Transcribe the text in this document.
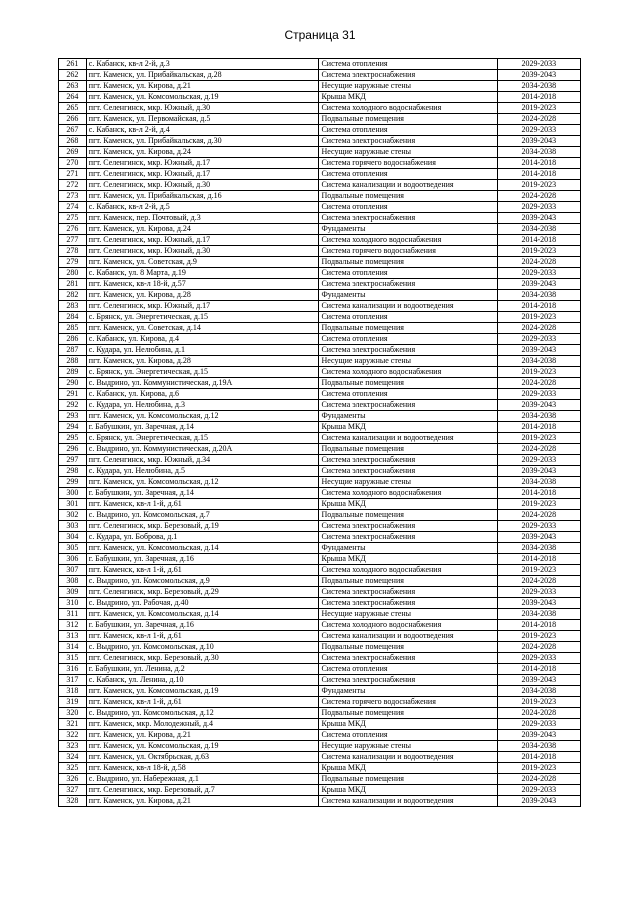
Страница 31
261	с. Кабанск, кв-л 2-й, д.3	Система отопления	2029-2033
262	пгт. Каменск, ул. Прибайкальская, д.28	Система электроснабжения	2039-2043
263	пгт. Каменск, ул. Кирова, д.21	Несущие наружные стены	2034-2038
264	пгт. Каменск, ул. Комсомольская, д.19	Крыша МКД	2014-2018
265	пгт. Селенгинск, мкр. Южный, д.30	Система холодного водоснабжения	2019-2023
266	пгт. Каменск, ул. Первомайская, д.5	Подвальные помещения	2024-2028
267	с. Кабанск, кв-л 2-й, д.4	Система отопления	2029-2033
268	пгт. Каменск, ул. Прибайкальская, д.30	Система электроснабжения	2039-2043
269	пгт. Каменск, ул. Кирова, д.24	Несущие наружные стены	2034-2038
270	пгт. Селенгинск, мкр. Южный, д.17	Система горячего водоснабжения	2014-2018
271	пгт. Селенгинск, мкр. Южный, д.17	Система отопления	2014-2018
272	пгт. Селенгинск, мкр. Южный, д.30	Система канализации и водоотведения	2019-2023
273	пгт. Каменск, ул. Прибайкальская, д.16	Подвальные помещения	2024-2028
274	с. Кабанск, кв-л 2-й, д.5	Система отопления	2029-2033
275	пгт. Каменск, пер. Почтовый, д.3	Система электроснабжения	2039-2043
276	пгт. Каменск, ул. Кирова, д.24	Фундаменты	2034-2038
277	пгт. Селенгинск, мкр. Южный, д.17	Система холодного водоснабжения	2014-2018
278	пгт. Селенгинск, мкр. Южный, д.30	Система горячего водоснабжения	2019-2023
279	пгт. Каменск, ул. Советская, д.9	Подвальные помещения	2024-2028
280	с. Кабанск, ул. 8 Марта, д.19	Система отопления	2029-2033
281	пгт. Каменск, кв-л 18-й, д.57	Система электроснабжения	2039-2043
282	пгт. Каменск, ул. Кирова, д.28	Фундаменты	2034-2038
283	пгт. Селенгинск, мкр. Южный, д.17	Система канализации и водоотведения	2014-2018
284	с. Брянск, ул. Энергетическая, д.15	Система отопления	2019-2023
285	пгт. Каменск, ул. Советская, д.14	Подвальные помещения	2024-2028
286	с. Кабанск, ул. Кирова, д.4	Система отопления	2029-2033
287	с. Кудара, ул. Нелюбина, д.1	Система электроснабжения	2039-2043
288	пгт. Каменск, ул. Кирова, д.28	Несущие наружные стены	2034-2038
289	с. Брянск, ул. Энергетическая, д.15	Система холодного водоснабжения	2019-2023
290	с. Выдрино, ул. Коммунистическая, д.19А	Подвальные помещения	2024-2028
291	с. Кабанск, ул. Кирова, д.6	Система отопления	2029-2033
292	с. Кудара, ул. Нелюбина, д.3	Система электроснабжения	2039-2043
293	пгт. Каменск, ул. Комсомольская, д.12	Фундаменты	2034-2038
294	г. Бабушкин, ул. Заречная, д.14	Крыша МКД	2014-2018
295	с. Брянск, ул. Энергетическая, д.15	Система канализации и водоотведения	2019-2023
296	с. Выдрино, ул. Коммунистическая, д.20А	Подвальные помещения	2024-2028
297	пгт. Селенгинск, мкр. Южный, д.34	Система электроснабжения	2029-2033
298	с. Кудара, ул. Нелюбина, д.5	Система электроснабжения	2039-2043
299	пгт. Каменск, ул. Комсомольская, д.12	Несущие наружные стены	2034-2038
300	г. Бабушкин, ул. Заречная, д.14	Система холодного водоснабжения	2014-2018
301	пгт. Каменск, кв-л 1-й, д.61	Крыша МКД	2019-2023
302	с. Выдрино, ул. Комсомольская, д.7	Подвальные помещения	2024-2028
303	пгт. Селенгинск, мкр. Березовый, д.19	Система электроснабжения	2029-2033
304	с. Кудара, ул. Боброва, д.1	Система электроснабжения	2039-2043
305	пгт. Каменск, ул. Комсомольская, д.14	Фундаменты	2034-2038
306	г. Бабушкин, ул. Заречная, д.16	Крыша МКД	2014-2018
307	пгт. Каменск, кв-л 1-й, д.61	Система холодного водоснабжения	2019-2023
308	с. Выдрино, ул. Комсомольская, д.9	Подвальные помещения	2024-2028
309	пгт. Селенгинск, мкр. Березовый, д.29	Система электроснабжения	2029-2033
310	с. Выдрино, ул. Рабочая, д.40	Система электроснабжения	2039-2043
311	пгт. Каменск, ул. Комсомольская, д.14	Несущие наружные стены	2034-2038
312	г. Бабушкин, ул. Заречная, д.16	Система холодного водоснабжения	2014-2018
313	пгт. Каменск, кв-л 1-й, д.61	Система канализации и водоотведения	2019-2023
314	с. Выдрино, ул. Комсомольская, д.10	Подвальные помещения	2024-2028
315	пгт. Селенгинск, мкр. Березовый, д.30	Система электроснабжения	2029-2033
316	г. Бабушкин, ул. Ленина, д.2	Система отопления	2014-2018
317	с. Кабанск, ул. Ленина, д.10	Система электроснабжения	2039-2043
318	пгт. Каменск, ул. Комсомольская, д.19	Фундаменты	2034-2038
319	пгт. Каменск, кв-л 1-й, д.61	Система горячего водоснабжения	2019-2023
320	с. Выдрино, ул. Комсомольская, д.12	Подвальные помещения	2024-2028
321	пгт. Каменск, мкр. Молодежный, д.4	Крыша МКД	2029-2033
322	пгт. Каменск, ул. Кирова, д.21	Система отопления	2039-2043
323	пгт. Каменск, ул. Комсомольская, д.19	Несущие наружные стены	2034-2038
324	пгт. Каменск, ул. Октябрьская, д.63	Система канализации и водоотведения	2014-2018
325	пгт. Каменск, кв-л 18-й, д.58	Крыша МКД	2019-2023
326	с. Выдрино, ул. Набережная, д.1	Подвальные помещения	2024-2028
327	пгт. Селенгинск, мкр. Березовый, д.7	Крыша МКД	2029-2033
328	пгт. Каменск, ул. Кирова, д.21	Система канализации и водоотведения	2039-2043
